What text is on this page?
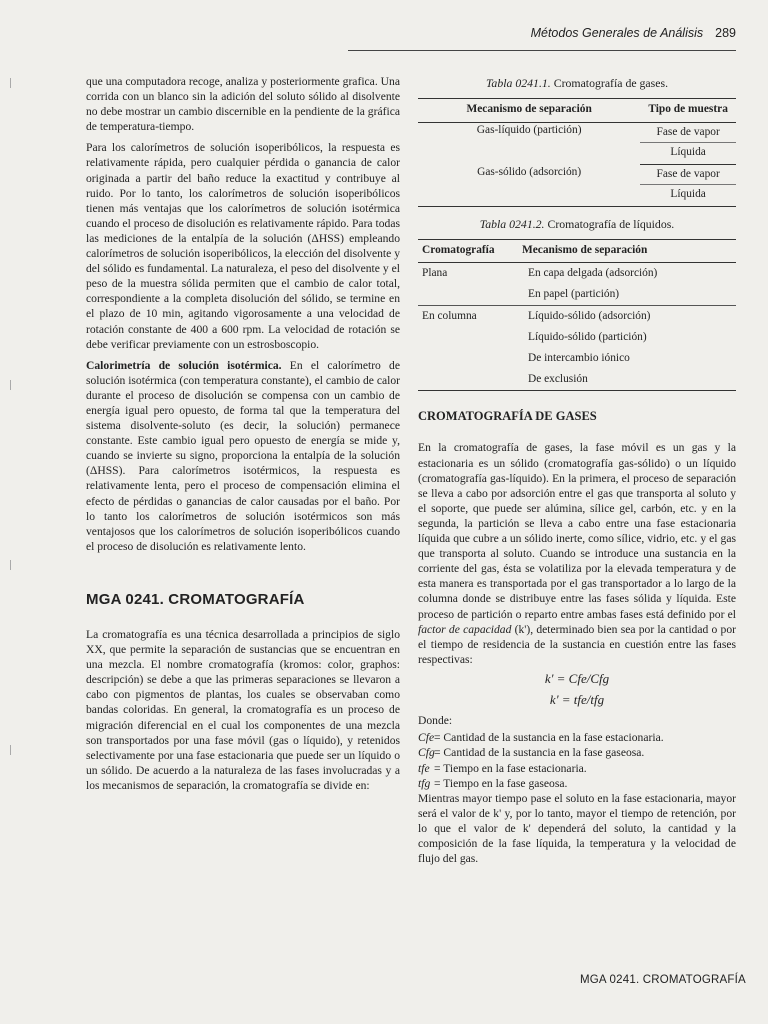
Métodos Generales de Análisis 289

que una computadora recoge, analiza y posteriormente grafica. Una corrida con un blanco sin la adición del soluto sólido al disolvente no debe mostrar un cambio discernible en la pendiente de la gráfica de temperatura-tiempo.

Para los calorímetros de solución isoperibólicos, la respuesta es relativamente rápida, pero cualquier pérdida o ganancia de calor originada a partir del baño reduce la exactitud y contribuye al ruido. Por lo tanto, los calorímetros de solución isoperibólicos tienen más ventajas que los calorímetros de solución isotérmica cuando el proceso de disolución es relativamente rápido. Para todas las mediciones de la entalpía de la solución (ΔHSS) empleando calorímetros de solución isoperibólicos, la elección del disolvente y del sólido es fundamental. La naturaleza, el peso del disolvente y el peso de la muestra sólida permiten que el cambio de calor total, correspondiente a la completa disolución del sólido, se termine en el plazo de 10 min, agitando vigorosamente a una velocidad de rotación constante de 400 a 600 rpm. La velocidad de rotación se debe verificar previamente con un estrosboscopio.

Calorimetría de solución isotérmica. En el calorímetro de solución isotérmica (con temperatura constante), el cambio de calor durante el proceso de disolución se compensa con un cambio de energía igual pero opuesto, de forma tal que la temperatura del sistema disolvente-soluto (es decir, la solución) permanece constante. Este cambio igual pero opuesto de energía se mide y, cuando se invierte su signo, proporciona la entalpía de la solución (ΔHSS). Para calorímetros isotérmicos, la respuesta es relativamente lenta, pero el proceso de compensación elimina el efecto de pérdidas o ganancias de calor causadas por el baño. Por lo tanto los calorímetros de solución isotérmicos son más ventajosos que los calorímetros de solución isoperibólicos cuando el proceso de disolución es relativamente lento.

MGA 0241. CROMATOGRAFÍA

La cromatografía es una técnica desarrollada a principios de siglo XX, que permite la separación de sustancias que se encuentran en una mezcla. El nombre cromatografía (kromos: color, graphos: descripción) se debe a que las primeras separaciones se llevaron a cabo con pigmentos de plantas, los cuales se observaban como bandas coloridas. En general, la cromatografía es un proceso de migración diferencial en el cual los componentes de una mezcla son transportados por una fase móvil (gas o líquido), y retenidos selectivamente por una fase estacionaria que puede ser un líquido o un sólido. De acuerdo a la naturaleza de las fases involucradas y a los mecanismos de separación, la cromatografía se divide en:

Tabla 0241.1. Cromatografía de gases.
Mecanismo de separación	Tipo de muestra
Gas-líquido (partición)	Fase de vapor
	Líquida
Gas-sólido (adsorción)	Fase de vapor
	Líquida
Tabla 0241.2. Cromatografía de líquidos.
Cromatografía	Mecanismo de separación
Plana	En capa delgada (adsorción)
	En papel (partición)
En columna	Líquido-sólido (adsorción)
	Líquido-sólido (partición)
	De intercambio iónico
	De exclusión
CROMATOGRAFÍA DE GASES

En la cromatografía de gases, la fase móvil es un gas y la estacionaria es un sólido (cromatografía gas-sólido) o un líquido (cromatografía gas-líquido). En la primera, el proceso de separación se lleva a cabo por adsorción entre el gas que transporta al soluto y el soporte, que puede ser alúmina, sílice gel, carbón, etc. y en la segunda, la partición se lleva a cabo entre una fase estacionaria líquida que cubre a un sólido inerte, como sílice, vidrio, etc. y el gas que transporta al soluto. Cuando se introduce una sustancia en la corriente del gas, ésta se volatiliza por la elevada temperatura y de esta manera es transportada por el gas transportador a lo largo de la columna donde se distribuye entre las fases sólida y líquida. Este proceso de partición o reparto entre ambas fases está definido por el factor de capacidad (k'), determinado bien sea por la cantidad o por el tiempo de residencia de la sustancia en cuestión entre las fases respectivas:

k' = Cfe/Cfg
k' = tfe/tfg
Donde:
Cfe= Cantidad de la sustancia en la fase estacionaria.
Cfg= Cantidad de la sustancia en la fase gaseosa.
tfe = Tiempo en la fase estacionaria.
tfg = Tiempo en la fase gaseosa.

Mientras mayor tiempo pase el soluto en la fase estacionaria, mayor será el valor de k' y, por lo tanto, mayor el tiempo de retención, por lo que el valor de k' dependerá del soluto, la cantidad y la composición de la fase líquida, la temperatura y la velocidad de flujo del gas.

MGA 0241. CROMATOGRAFÍA
